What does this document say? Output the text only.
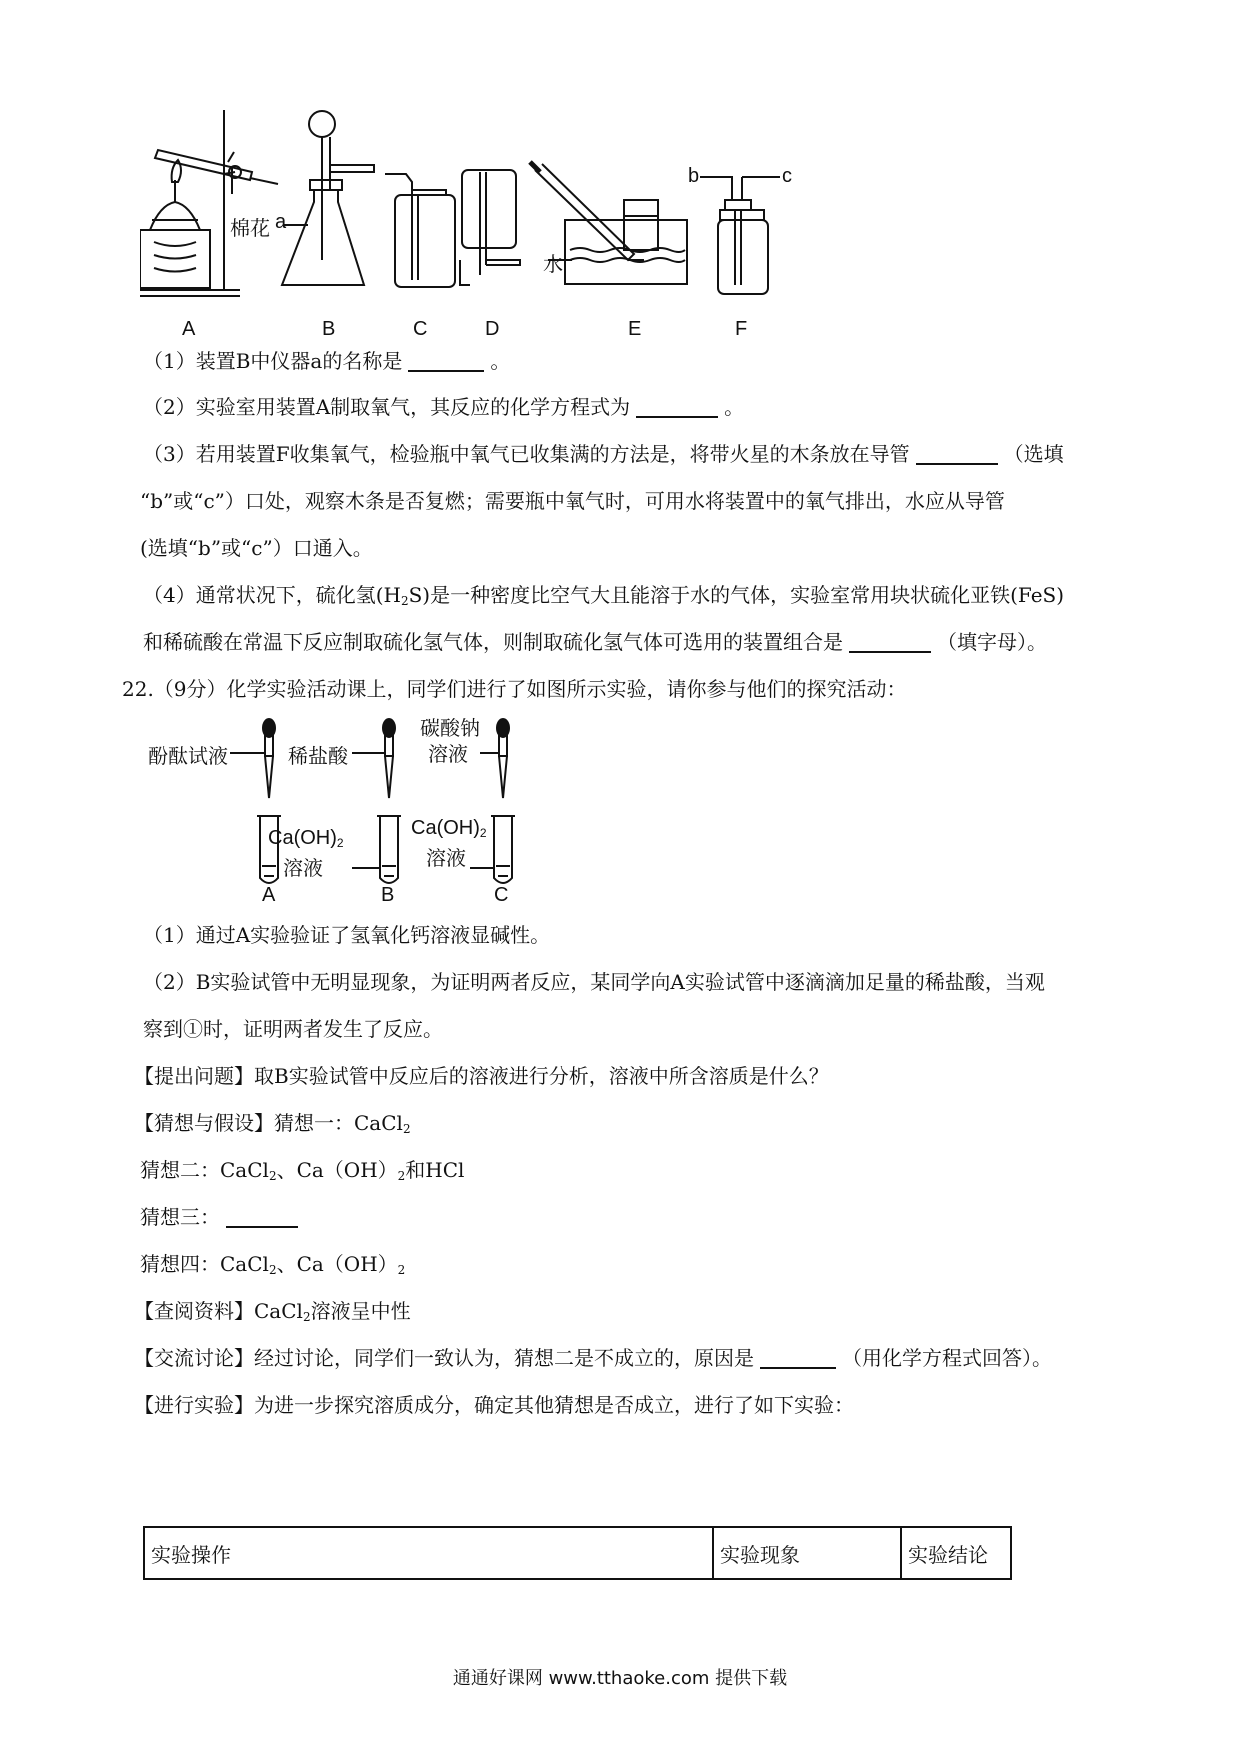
棉花 a
水
b	c
A	B	C	D	E	F
（1）装置B中仪器a的名称是	。
（2）实验室用装置A制取氧气，其反应的化学方程式为	。
（3）若用装置F收集氧气，检验瓶中氧气已收集满的方法是，将带火星的木条放在导管	（选填
“b”或“c”）口处，观察木条是否复燃；需要瓶中氧气时，可用水将装置中的氧气排出，水应从导管
(选填“b”或“c”）口通入。
（4）通常状况下，硫化氢$(H_2S)$是一种密度比空气大且能溶于水的气体，实验室常用块状硫化亚铁(FeS)
和稀硫酸在常温下反应制取硫化氢气体，则制取硫化氢气体可选用的装置组合是	（填字母）。
22.（9分）化学实验活动课上，同学们进行了如图所示实验，请你参与他们的探究活动：
酚酞试液	稀盐酸
碳酸钠
溶液
$Ca(OH)_2$
溶液
$Ca(OH)_2$
溶液
A	B	C
（1）通过A实验验证了氢氧化钙溶液显碱性。
（2）B实验试管中无明显现象，为证明两者反应，某同学向A实验试管中逐滴滴加足量的稀盐酸，当观
察到①时，证明两者发生了反应。
【提出问题】取B实验试管中反应后的溶液进行分析，溶液中所含溶质是什么？
【猜想与假设】猜想一：CaCl$_2$
猜想二：CaCl$_2$、$Ca(OH)_2$和HCl
猜想三：
猜想四：CaCl$_2$、$Ca(OH)_2$
【查阅资料】CaCl$_2$溶液呈中性
【交流讨论】经过讨论，同学们一致认为，猜想二是不成立的，原因是	（用化学方程式回答）。
【进行实验】为进一步探究溶质成分，确定其他猜想是否成立，进行了如下实验：
实验操作	实验现象	实验结论
通通好课网 www.tthaoke.com 提供下载
